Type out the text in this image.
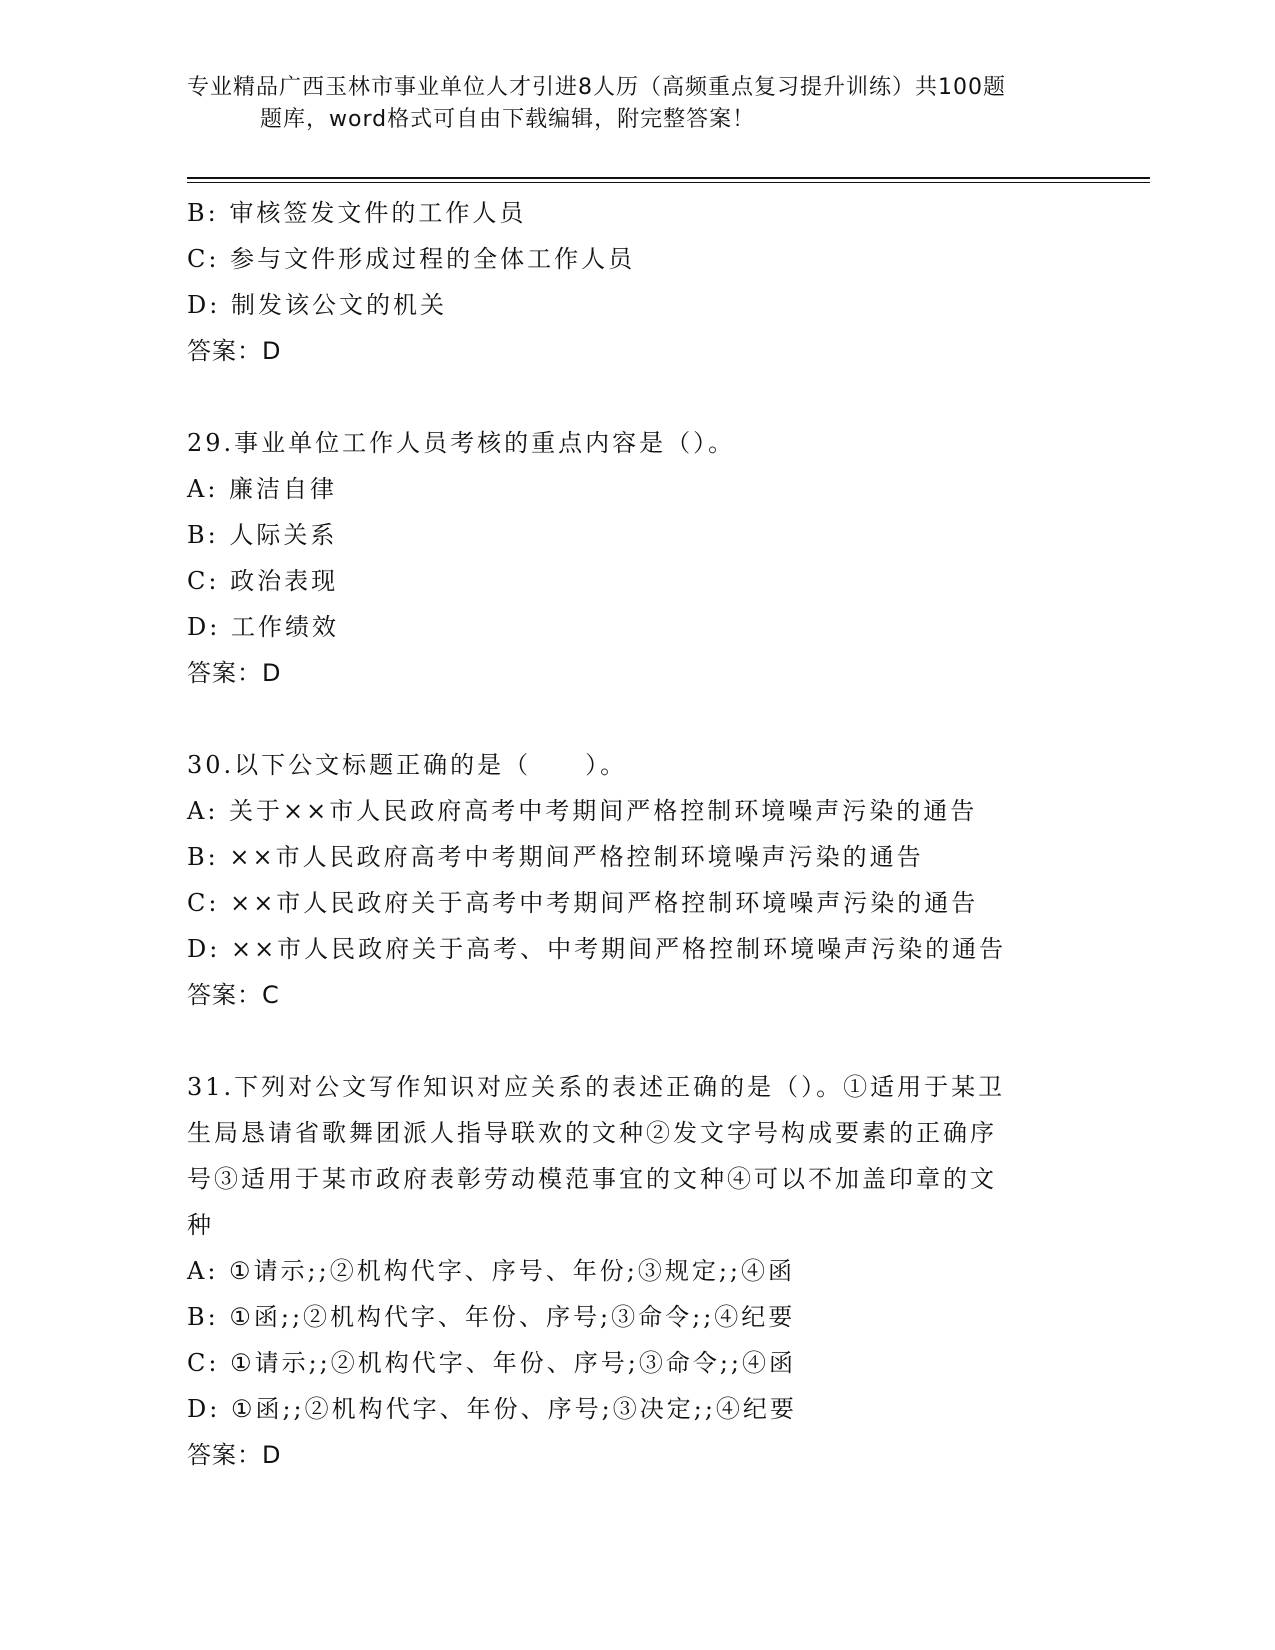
专业精品广西玉林市事业单位人才引进8人历（高频重点复习提升训练）共100题
题库，word格式可自由下载编辑，附完整答案！
B: 审核签发文件的工作人员
C: 参与文件形成过程的全体工作人员
D: 制发该公文的机关
答案：D
29.事业单位工作人员考核的重点内容是（）。
A: 廉洁自律
B: 人际关系
C: 政治表现
D: 工作绩效
答案：D
30.以下公文标题正确的是（　　）。
A: 关于××市人民政府高考中考期间严格控制环境噪声污染的通告
B: ××市人民政府高考中考期间严格控制环境噪声污染的通告
C: ××市人民政府关于高考中考期间严格控制环境噪声污染的通告
D: ××市人民政府关于高考、中考期间严格控制环境噪声污染的通告
答案：C
31.下列对公文写作知识对应关系的表述正确的是（）。①适用于某卫
生局恳请省歌舞团派人指导联欢的文种②发文字号构成要素的正确序
号③适用于某市政府表彰劳动模范事宜的文种④可以不加盖印章的文
种
A: ①请示;;②机构代字、序号、年份;③规定;;④函
B: ①函;;②机构代字、年份、序号;③命令;;④纪要
C: ①请示;;②机构代字、年份、序号;③命令;;④函
D: ①函;;②机构代字、年份、序号;③决定;;④纪要
答案：D
